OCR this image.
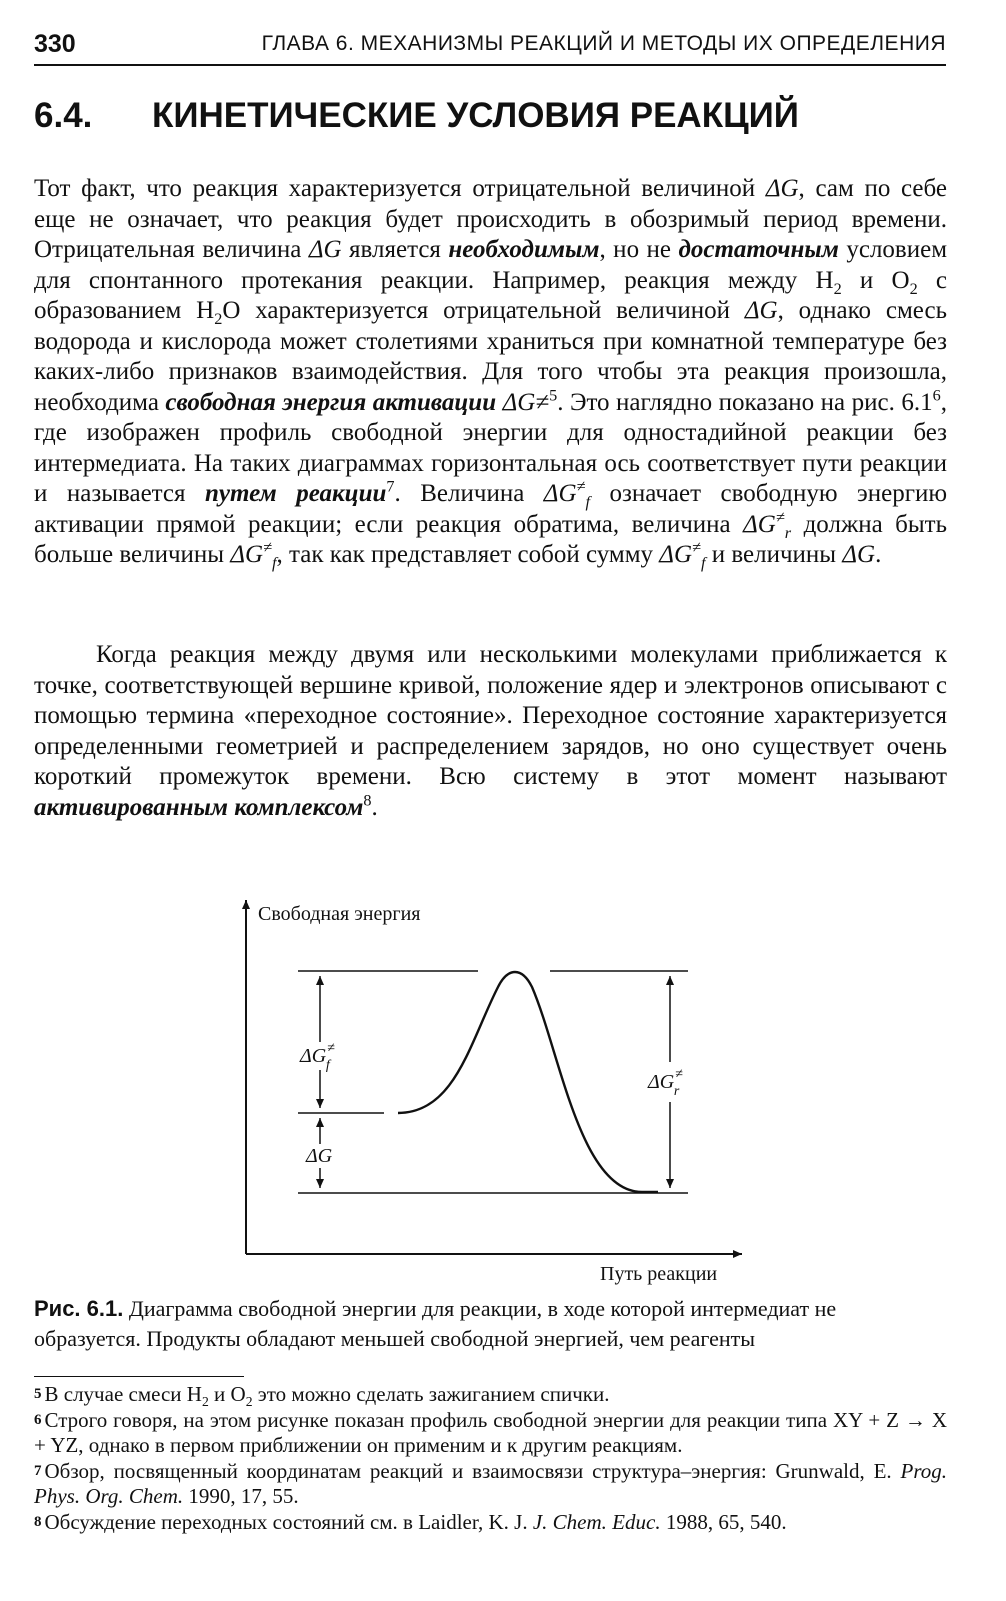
330	ГЛАВА 6. МЕХАНИЗМЫ РЕАКЦИЙ И МЕТОДЫ ИХ ОПРЕДЕЛЕНИЯ
6.4. КИНЕТИЧЕСКИЕ УСЛОВИЯ РЕАКЦИЙ

Тот факт, что реакция характеризуется отрицательной величиной ΔG, сам по себе еще не означает, что реакция будет происходить в обозримый период времени. Отрицательная величина ΔG является необходимым, но не достаточным условием для спонтанного протекания реакции. Например, реакция между $H_2$ и $O_2$ с образованием $H_2O$ характеризуется отрицательной величиной ΔG, однако смесь водорода и кислорода может столетиями храниться при комнатной температуре без каких-либо признаков взаимодействия. Для того чтобы эта реакция произошла, необходима свободная энергия активации ΔG≠$^5$. Это наглядно показано на рис. $6.1^6$, где изображен профиль свободной энергии для одностадийной реакции без интермедиата. На таких диаграммах горизонтальная ось соответствует пути реакции и называется путем реакции$^7$. Величина $\Delta G^\ne_f$ означает свободную энергию активации прямой реакции; если реакция обратима, величина $\Delta G^\ne_r$ должна быть больше величины $\Delta G^\ne_f$, так как представляет собой сумму $\Delta G^\ne_f$ и величины ΔG.

Когда реакция между двумя или несколькими молекулами приближается к точке, соответствующей вершине кривой, положение ядер и электронов описывают с помощью термина «переходное состояние». Переходное состояние характеризуется определенными геометрией и распределением зарядов, но оно существует очень короткий промежуток времени. Всю систему в этот момент называют активированным комплексом$^8$.

Свободная энергия
Путь реакции
ΔG≠ f
ΔG
ΔG≠ r

Рис. 6.1. Диаграмма свободной энергии для реакции, в ходе которой интермедиат не образуется. Продукты обладают меньшей свободной энергией, чем реагенты

5 В случае смеси $H_2$ и $O_2$ это можно сделать зажиганием спички.

6 Строго говоря, на этом рисунке показан профиль свободной энергии для реакции типа XY + Z → X + YZ, однако в первом приближении он применим и к другим реакциям.

7 Обзор, посвященный координатам реакций и взаимосвязи структура–энергия: Grunwald, E. Prog. Phys. Org. Chem. 1990, 17, 55.

8 Обсуждение переходных состояний см. в Laidler, K. J. J. Chem. Educ. 1988, 65, 540.
